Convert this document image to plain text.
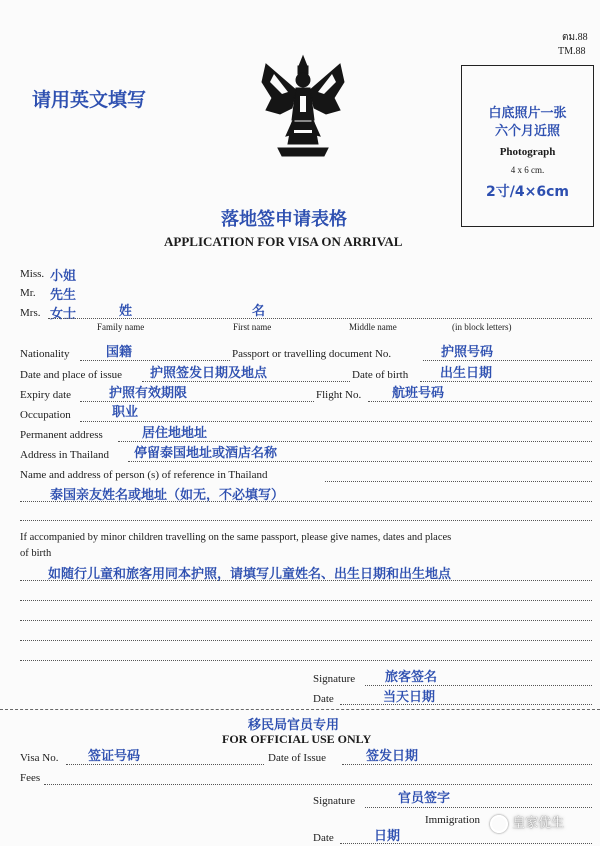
ตม.88
TM.88
请用英文填写
白底照片一张
六个月近照
Photograph
4 x 6 cm.
2寸/4×6cm
落地签申请表格
APPLICATION FOR VISA ON ARRIVAL
Miss. 小姐
Mr. 先生
Mrs. 女士	姓	名
Family name	First name	Middle name	(in block letters)
Nationality	国籍	Passport or travelling document No.	护照号码
Date and place of issue 护照签发日期及地点	Date of birth 出生日期
Expiry date	护照有效期限	Flight No. 航班号码
Occupation	职业
Permanent address	居住地地址
Address in Thailand 停留泰国地址或酒店名称
Name and address of person (s) of reference in Thailand
泰国亲友姓名或地址（如无，不必填写）
If accompanied by minor children travelling on the same passport, please give names, dates and places
of birth
如随行儿童和旅客用同本护照，请填写儿童姓名、出生日期和出生地点
Signature 旅客签名
Date	当天日期
移民局官员专用
FOR OFFICIAL USE ONLY
Visa No. 签证号码	Date of Issue	签发日期
Fees
Signature	官员签字
Immigration
Date	日期
皇家优生
